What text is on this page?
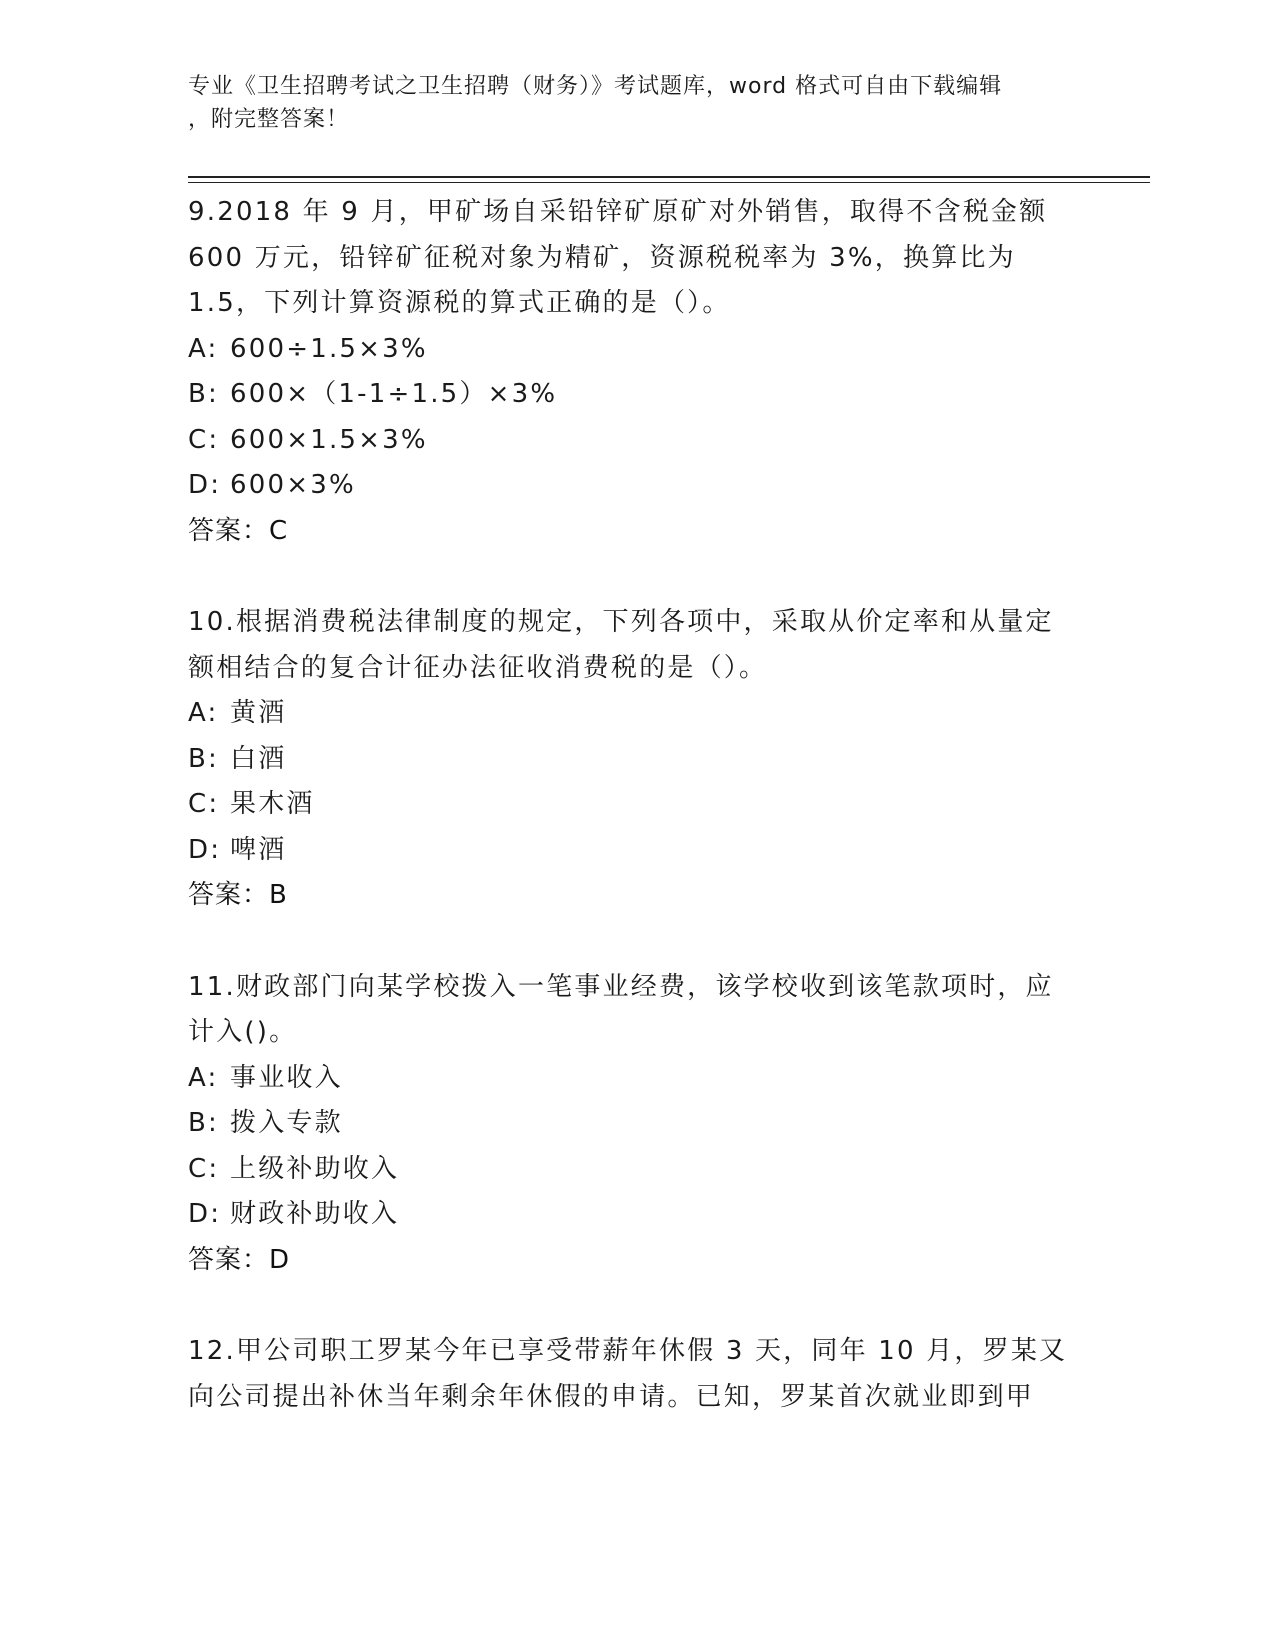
专业《卫生招聘考试之卫生招聘（财务）》考试题库，word 格式可自由下载编辑
，附完整答案！
9.2018 年 9 月，甲矿场自采铅锌矿原矿对外销售，取得不含税金额 600 万元，铅锌矿征税对象为精矿，资源税税率为 3%，换算比为 1.5，下列计算资源税的算式正确的是（）。
A: 600÷1.5×3%
B: 600×（1-1÷1.5）×3%
C: 600×1.5×3%
D: 600×3%
答案：C
10.根据消费税法律制度的规定，下列各项中，采取从价定率和从量定额相结合的复合计征办法征收消费税的是（）。
A: 黄酒
B: 白酒
C: 果木酒
D: 啤酒
答案：B
11.财政部门向某学校拨入一笔事业经费，该学校收到该笔款项时，应计入()。
A: 事业收入
B: 拨入专款
C: 上级补助收入
D: 财政补助收入
答案：D
12.甲公司职工罗某今年已享受带薪年休假 3 天，同年 10 月，罗某又向公司提出补休当年剩余年休假的申请。已知，罗某首次就业即到甲
